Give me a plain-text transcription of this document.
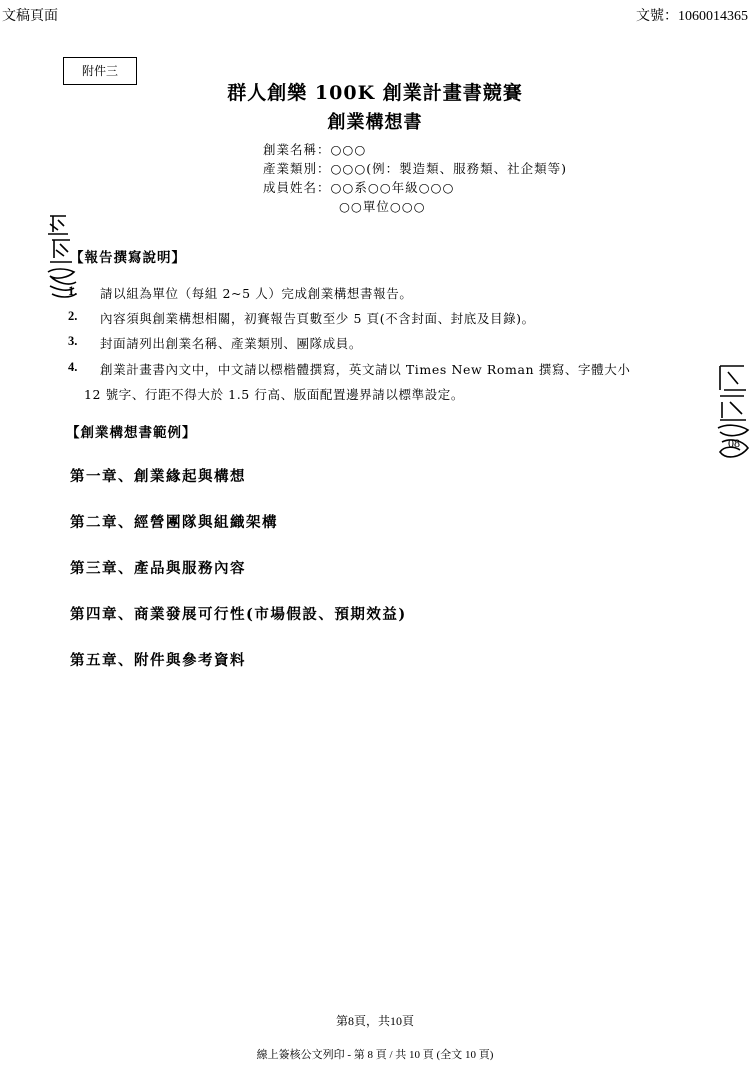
文稿頁面	文號：1060014365
附件三
群人創樂 100K 創業計畫書競賽
創業構想書
創業名稱：○○○
產業類別：○○○(例：製造類、服務類、社企類等)
成員姓名：○○系○○年級○○○
○○單位○○○
【報告撰寫說明】
1. 請以組為單位（每組 2~5 人）完成創業構想書報告。
2. 內容須與創業構想相關，初賽報告頁數至少 5 頁(不含封面、封底及目錄)。
3. 封面請列出創業名稱、產業類別、團隊成員。
4. 創業計畫書內文中，中文請以標楷體撰寫，英文請以 Times New Roman 撰寫、字體大小
12 號字、行距不得大於 1.5 行高、版面配置邊界請以標準設定。
08
【創業構想書範例】
第一章、創業緣起與構想
第二章、經營團隊與組織架構
第三章、產品與服務內容
第四章、商業發展可行性(市場假設、預期效益)
第五章、附件與參考資料
第8頁，共10頁
線上簽核公文列印 - 第 8 頁 / 共 10 頁 (全文 10 頁)
